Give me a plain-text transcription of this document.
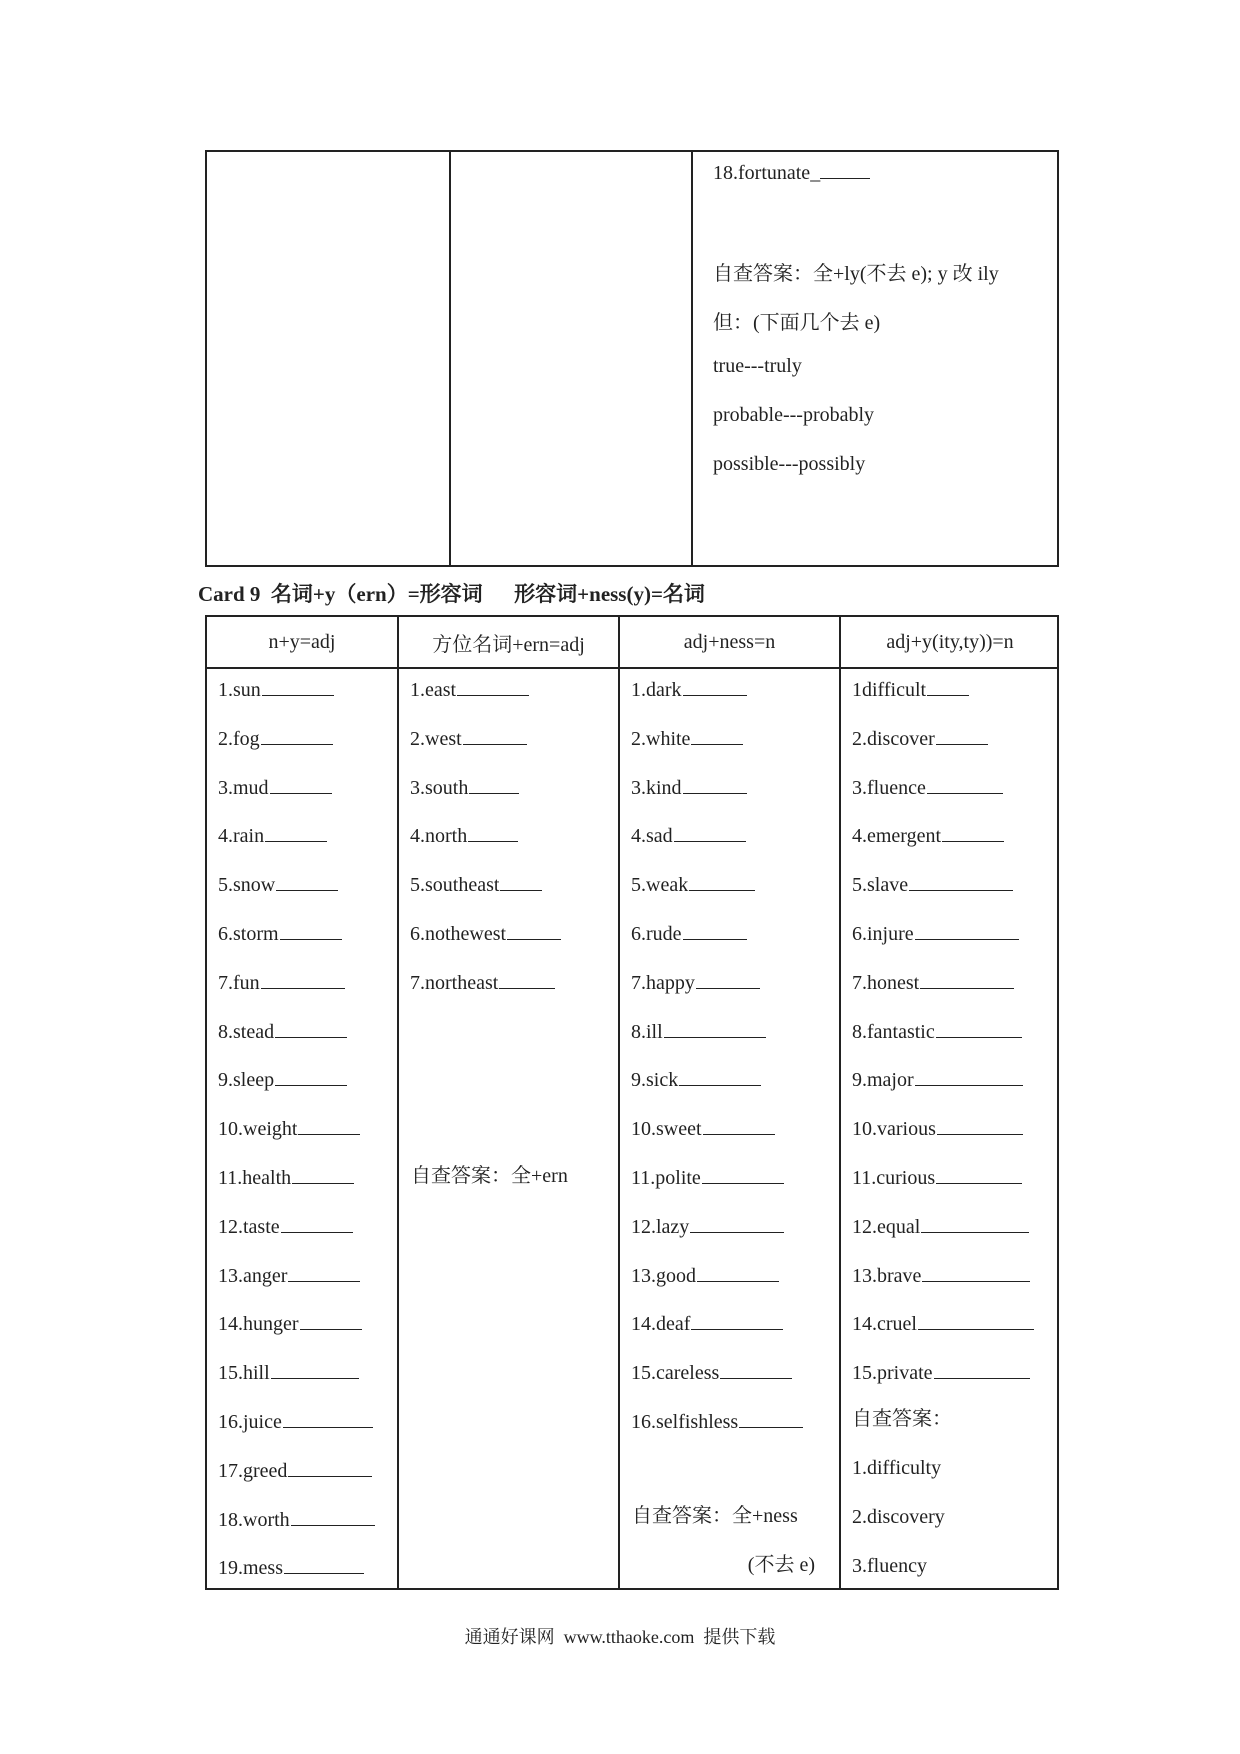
18.fortunate_
自查答案：全+ly(不去 e); y 改 ily
但：(下面几个去 e)
true---truly
probable---probably
possible---possibly
Card 9  名词+y（ern）=形容词      形容词+ness(y)=名词
n+y=adj
1.sun
2.fog
3.mud
4.rain
5.snow
6.storm
7.fun
8.stead
9.sleep
10.weight
11.health
12.taste
13.anger
14.hunger
15.hill
16.juice
17.greed
18.worth
19.mess
方位名词+ern=adj
1.east
2.west
3.south
4.north
5.southeast
6.nothewest
7.northeast
自查答案：全+ern
adj+ness=n
1.dark
2.white
3.kind
4.sad
5.weak
6.rude
7.happy
8.ill
9.sick
10.sweet
11.polite
12.lazy
13.good
14.deaf
15.careless
16.selfishless
自查答案：全+ness
(不去 e)
adj+y(ity,ty))=n
1difficult
2.discover
3.fluence
4.emergent
5.slave
6.injure
7.honest
8.fantastic
9.major
10.various
11.curious
12.equal
13.brave
14.cruel
15.private
自查答案：
1.difficulty
2.discovery
3.fluency
通通好课网  www.tthaoke.com  提供下载
